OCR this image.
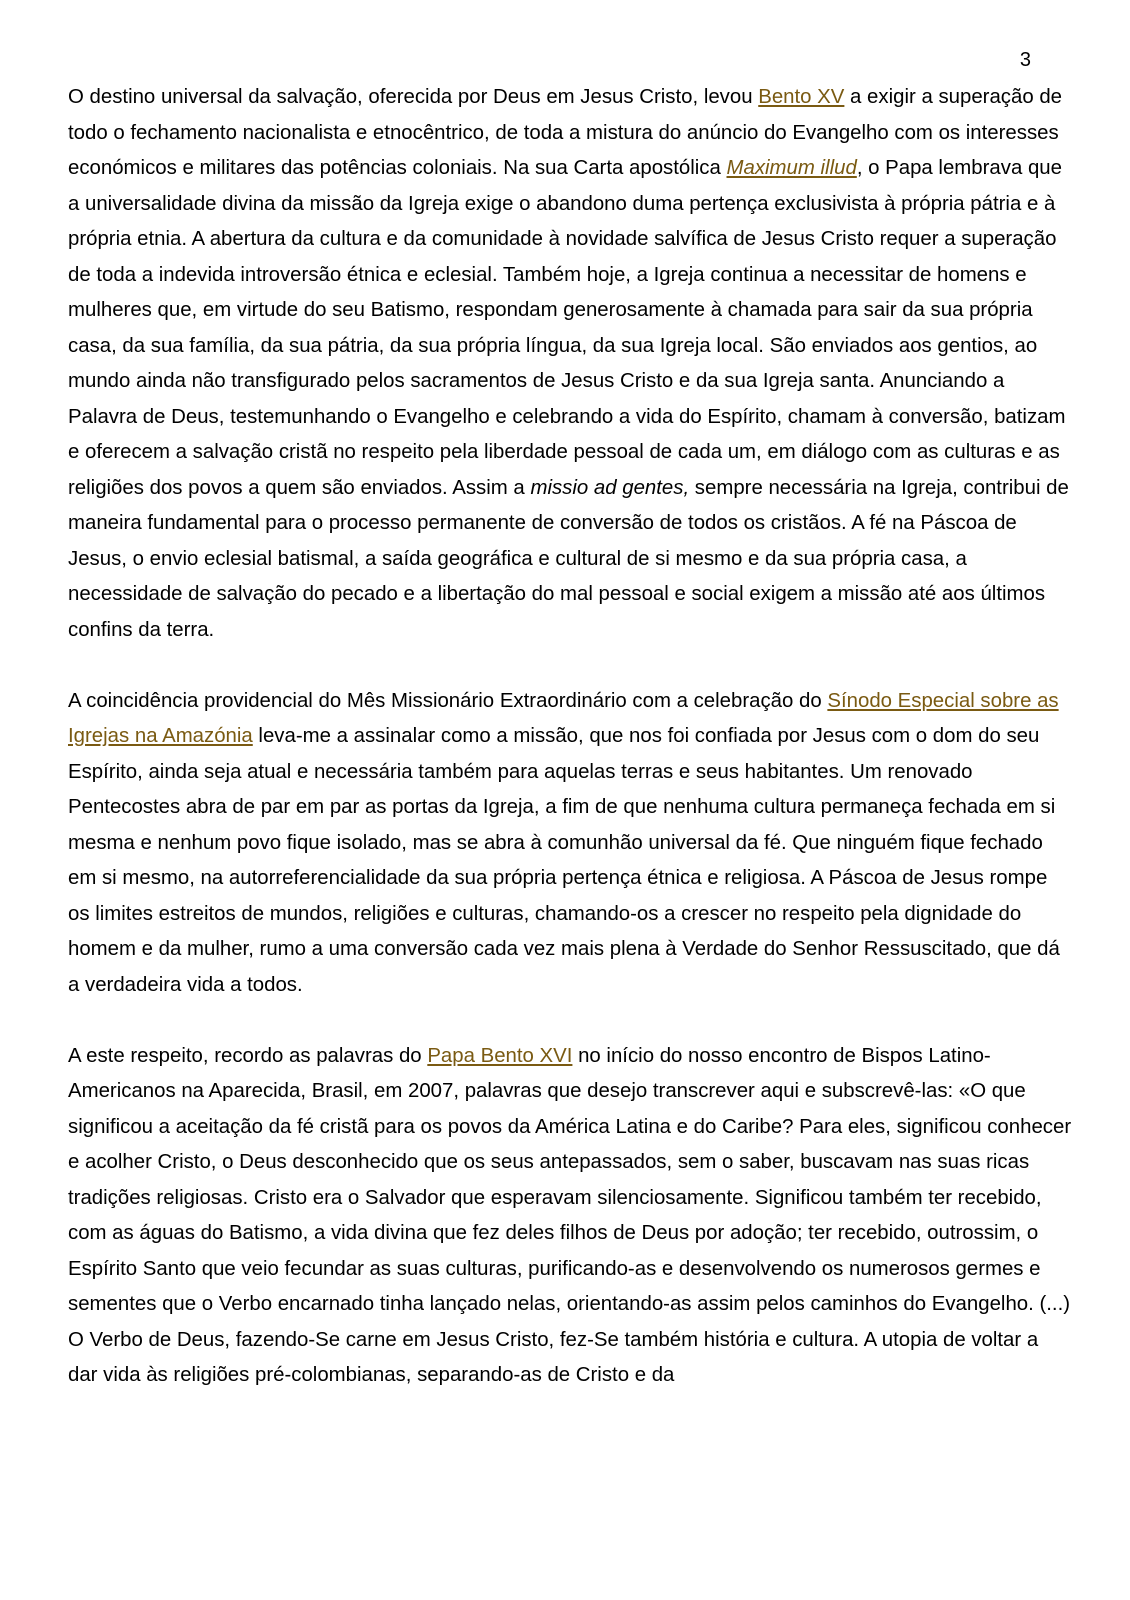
3

O destino universal da salvação, oferecida por Deus em Jesus Cristo, levou Bento XV a exigir a superação de todo o fechamento nacionalista e etnocêntrico, de toda a mistura do anúncio do Evangelho com os interesses económicos e militares das potências coloniais. Na sua Carta apostólica Maximum illud, o Papa lembrava que a universalidade divina da missão da Igreja exige o abandono duma pertença exclusivista à própria pátria e à própria etnia. A abertura da cultura e da comunidade à novidade salvífica de Jesus Cristo requer a superação de toda a indevida introversão étnica e eclesial. Também hoje, a Igreja continua a necessitar de homens e mulheres que, em virtude do seu Batismo, respondam generosamente à chamada para sair da sua própria casa, da sua família, da sua pátria, da sua própria língua, da sua Igreja local. São enviados aos gentios, ao mundo ainda não transfigurado pelos sacramentos de Jesus Cristo e da sua Igreja santa. Anunciando a Palavra de Deus, testemunhando o Evangelho e celebrando a vida do Espírito, chamam à conversão, batizam e oferecem a salvação cristã no respeito pela liberdade pessoal de cada um, em diálogo com as culturas e as religiões dos povos a quem são enviados. Assim a missio ad gentes, sempre necessária na Igreja, contribui de maneira fundamental para o processo permanente de conversão de todos os cristãos. A fé na Páscoa de Jesus, o envio eclesial batismal, a saída geográfica e cultural de si mesmo e da sua própria casa, a necessidade de salvação do pecado e a libertação do mal pessoal e social exigem a missão até aos últimos confins da terra.

A coincidência providencial do Mês Missionário Extraordinário com a celebração do Sínodo Especial sobre as Igrejas na Amazónia leva-me a assinalar como a missão, que nos foi confiada por Jesus com o dom do seu Espírito, ainda seja atual e necessária também para aquelas terras e seus habitantes. Um renovado Pentecostes abra de par em par as portas da Igreja, a fim de que nenhuma cultura permaneça fechada em si mesma e nenhum povo fique isolado, mas se abra à comunhão universal da fé. Que ninguém fique fechado em si mesmo, na autorreferencialidade da sua própria pertença étnica e religiosa. A Páscoa de Jesus rompe os limites estreitos de mundos, religiões e culturas, chamando-os a crescer no respeito pela dignidade do homem e da mulher, rumo a uma conversão cada vez mais plena à Verdade do Senhor Ressuscitado, que dá a verdadeira vida a todos.

A este respeito, recordo as palavras do Papa Bento XVI no início do nosso encontro de Bispos Latino-Americanos na Aparecida, Brasil, em 2007, palavras que desejo transcrever aqui e subscrevê-las: «O que significou a aceitação da fé cristã para os povos da América Latina e do Caribe? Para eles, significou conhecer e acolher Cristo, o Deus desconhecido que os seus antepassados, sem o saber, buscavam nas suas ricas tradições religiosas. Cristo era o Salvador que esperavam silenciosamente. Significou também ter recebido, com as águas do Batismo, a vida divina que fez deles filhos de Deus por adoção; ter recebido, outrossim, o Espírito Santo que veio fecundar as suas culturas, purificando-as e desenvolvendo os numerosos germes e sementes que o Verbo encarnado tinha lançado nelas, orientando-as assim pelos caminhos do Evangelho. (...) O Verbo de Deus, fazendo-Se carne em Jesus Cristo, fez-Se também história e cultura. A utopia de voltar a dar vida às religiões pré-colombianas, separando-as de Cristo e da
